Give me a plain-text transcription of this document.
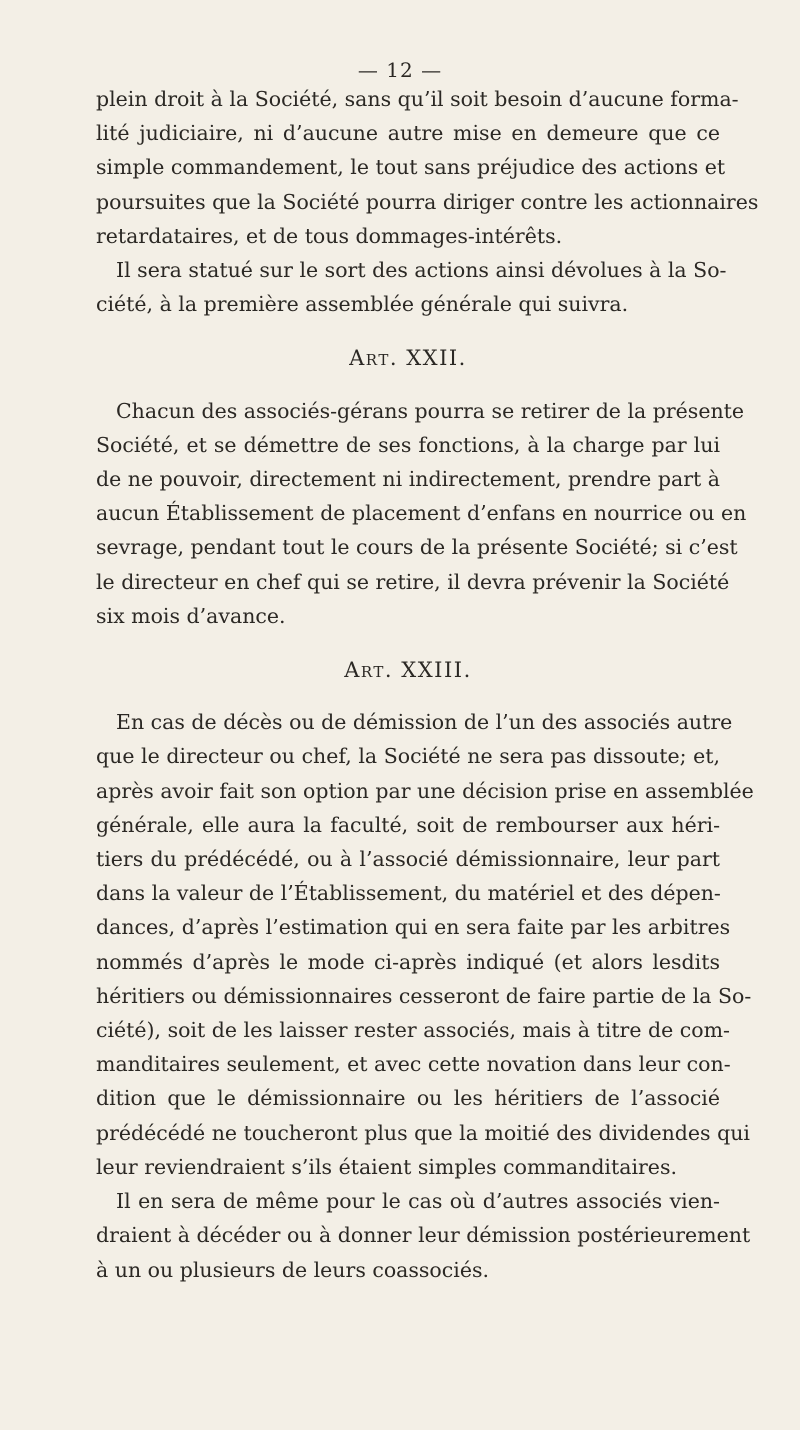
— 12 —

plein droit à la Société, sans qu’il soit besoin d’aucune forma-
lité judiciaire, ni d’aucune autre mise en demeure que ce
simple commandement, le tout sans préjudice des actions et
poursuites que la Société pourra diriger contre les actionnaires
retardataires, et de tous dommages-intérêts.

Il sera statué sur le sort des actions ainsi dévolues à la So-
ciété, à la première assemblée générale qui suivra.

Art. XXII.

Chacun des associés-gérans pourra se retirer de la présente
Société, et se démettre de ses fonctions, à la charge par lui
de ne pouvoir, directement ni indirectement, prendre part à
aucun Établissement de placement d’enfans en nourrice ou en
sevrage, pendant tout le cours de la présente Société; si c’est
le directeur en chef qui se retire, il devra prévenir la Société
six mois d’avance.

Art. XXIII.

En cas de décès ou de démission de l’un des associés autre
que le directeur ou chef, la Société ne sera pas dissoute; et,
après avoir fait son option par une décision prise en assemblée
générale, elle aura la faculté, soit de rembourser aux héri-
tiers du prédécédé, ou à l’associé démissionnaire, leur part
dans la valeur de l’Établissement, du matériel et des dépen-
dances, d’après l’estimation qui en sera faite par les arbitres
nommés d’après le mode ci-après indiqué (et alors lesdits
héritiers ou démissionnaires cesseront de faire partie de la So-
ciété), soit de les laisser rester associés, mais à titre de com-
manditaires seulement, et avec cette novation dans leur con-
dition que le démissionnaire ou les héritiers de l’associé
prédécédé ne toucheront plus que la moitié des dividendes qui
leur reviendraient s’ils étaient simples commanditaires.

Il en sera de même pour le cas où d’autres associés vien-
draient à décéder ou à donner leur démission postérieurement
à un ou plusieurs de leurs coassociés.
